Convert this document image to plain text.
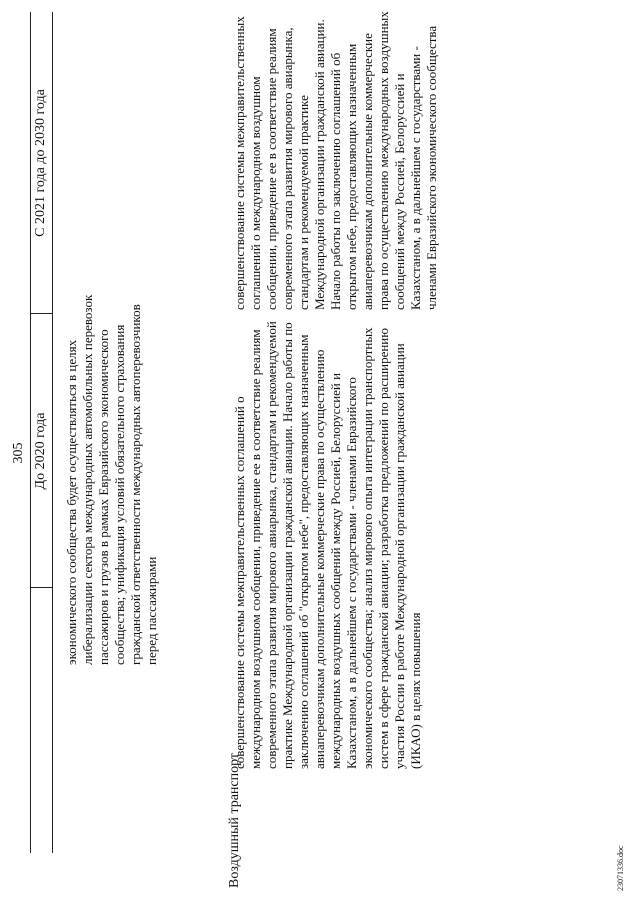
305 До 2020 года
С 2021 года до 2030 года

экономического сообщества будет осуществляться в целях либерализации сектора международных автомобильных перевозок пассажиров и грузов в рамках Евразийского экономического сообщества; унификация условий обязательного страхования гражданской ответственности международных автоперевозчиков перед пассажирами

Воздушный транспорт

совершенствование системы межправительственных соглашений о международном воздушном сообщении, приведение ее в соответствие реалиям современного этапа развития мирового авиарынка, стандартам и рекомендуемой практике Международной организации гражданской авиации. Начало работы по заключению соглашений об "открытом небе", предоставляющих назначенным авиаперевозчикам дополнительные коммерческие права по осуществлению международных воздушных сообщений между Россией, Белоруссией и Казахстаном, а в дальнейшем с государствами - членами Евразийского экономического сообщества; анализ мирового опыта интеграции транспортных систем в сфере гражданской авиации; разработка предложений по расширению участия России в работе Международной организации гражданской авиации (ИКАО) в целях повышения

совершенствование системы межправительственных соглашений о международном воздушном сообщении, приведение ее в соответствие реалиям современного этапа развития мирового авиарынка, стандартам и рекомендуемой практике Международной организации гражданской авиации. Начало работы по заключению соглашений об открытом небе, предоставляющих назначенным авиаперевозчикам дополнительные коммерческие права по осуществлению международных воздушных сообщений между Россией, Белоруссией и Казахстаном, а в дальнейшем с государствами - членами Евразийского экономического сообщества

23071336.doc
